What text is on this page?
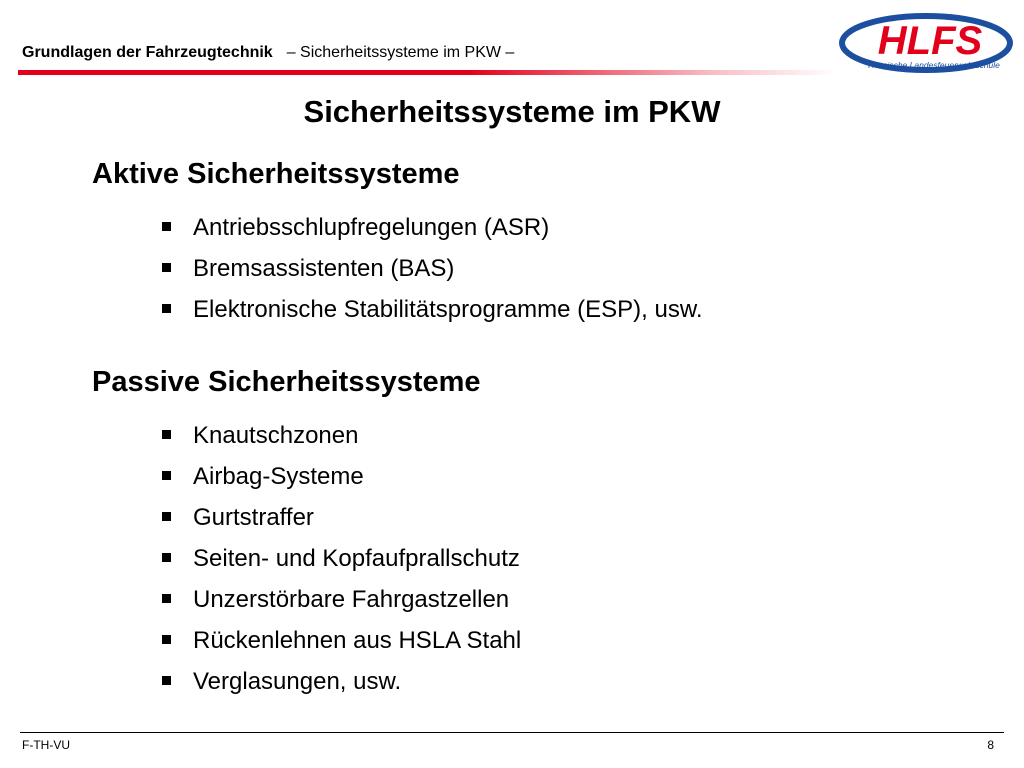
Grundlagen der Fahrzeugtechnik – Sicherheitssysteme im PKW –	HLFS
Hessische Landesfeuerwehrschule
Sicherheitssysteme im PKW
Aktive Sicherheitssysteme
Antriebsschlupfregelungen (ASR)
Bremsassistenten (BAS)
Elektronische Stabilitätsprogramme (ESP), usw.
Passive Sicherheitssysteme
Knautschzonen
Airbag-Systeme
Gurtstraffer
Seiten- und Kopfaufprallschutz
Unzerstörbare Fahrgastzellen
Rückenlehnen aus HSLA Stahl
Verglasungen, usw.
F-TH-VU	8
